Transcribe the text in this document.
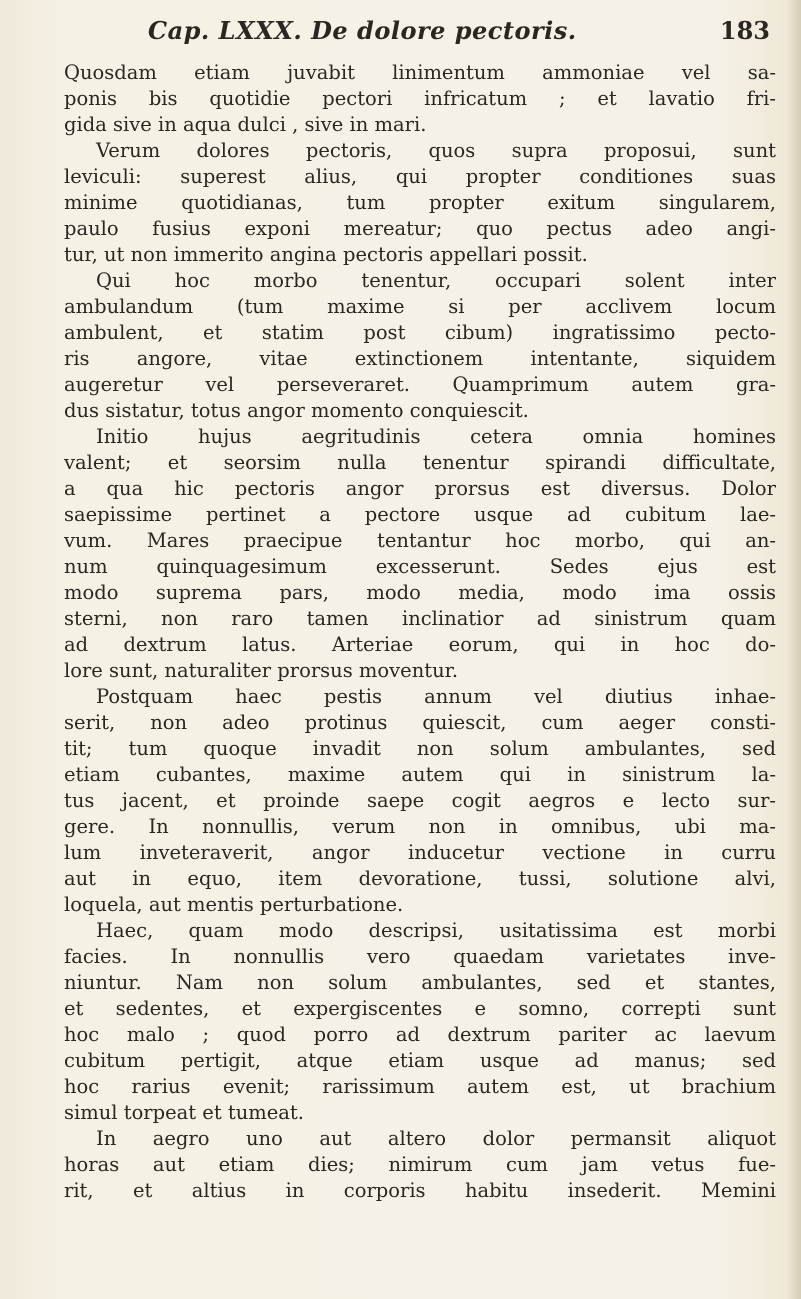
Cap. LXXX. De dolore pectoris.	183
Quosdam etiam juvabit linimentum ammoniae vel sa-
ponis bis quotidie pectori infricatum ; et lavatio fri-
gida sive in aqua dulci , sive in mari.
Verum dolores pectoris, quos supra proposui, sunt
leviculi: superest alius, qui propter conditiones suas
minime quotidianas, tum propter exitum singularem,
paulo fusius exponi mereatur; quo pectus adeo angi-
tur, ut non immerito angina pectoris appellari possit.
Qui hoc morbo tenentur, occupari solent inter
ambulandum (tum maxime si per acclivem locum
ambulent, et statim post cibum) ingratissimo pecto-
ris angore, vitae extinctionem intentante, siquidem
augeretur vel perseveraret. Quamprimum autem gra-
dus sistatur, totus angor momento conquiescit.
Initio hujus aegritudinis cetera omnia homines
valent; et seorsim nulla tenentur spirandi difficultate,
a qua hic pectoris angor prorsus est diversus. Dolor
saepissime pertinet a pectore usque ad cubitum lae-
vum. Mares praecipue tentantur hoc morbo, qui an-
num quinquagesimum excesserunt. Sedes ejus est
modo suprema pars, modo media, modo ima ossis
sterni, non raro tamen inclinatior ad sinistrum quam
ad dextrum latus. Arteriae eorum, qui in hoc do-
lore sunt, naturaliter prorsus moventur.
Postquam haec pestis annum vel diutius inhae-
serit, non adeo protinus quiescit, cum aeger consti-
tit; tum quoque invadit non solum ambulantes, sed
etiam cubantes, maxime autem qui in sinistrum la-
tus jacent, et proinde saepe cogit aegros e lecto sur-
gere. In nonnullis, verum non in omnibus, ubi ma-
lum inveteraverit, angor inducetur vectione in curru
aut in equo, item devoratione, tussi, solutione alvi,
loquela, aut mentis perturbatione.
Haec, quam modo descripsi, usitatissima est morbi
facies. In nonnullis vero quaedam varietates inve-
niuntur. Nam non solum ambulantes, sed et stantes,
et sedentes, et expergiscentes e somno, correpti sunt
hoc malo ; quod porro ad dextrum pariter ac laevum
cubitum pertigit, atque etiam usque ad manus; sed
hoc rarius evenit; rarissimum autem est, ut brachium
simul torpeat et tumeat.
In aegro uno aut altero dolor permansit aliquot
horas aut etiam dies; nimirum cum jam vetus fue-
rit, et altius in corporis habitu insederit. Memini
